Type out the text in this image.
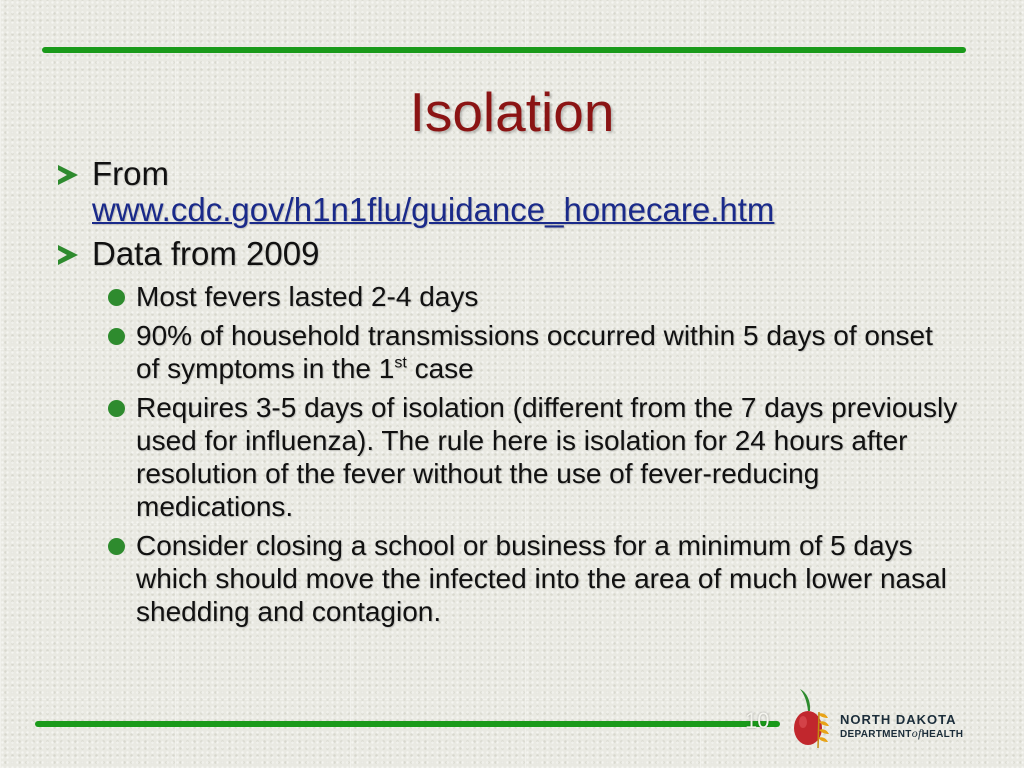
Isolation
From
www.cdc.gov/h1n1flu/guidance_homecare.htm
Data from 2009
Most fevers lasted 2-4 days
90% of household transmissions occurred within 5 days of onset of symptoms in the 1st case
Requires 3-5 days of isolation (different from the 7 days previously used for influenza). The rule here is isolation for 24 hours after resolution of the fever without the use of fever-reducing medications.
Consider closing a school or business for a minimum of 5 days which should move the infected into the area of much lower nasal shedding and contagion.
10	NORTH DAKOTA
DEPARTMENTofHEALTH
